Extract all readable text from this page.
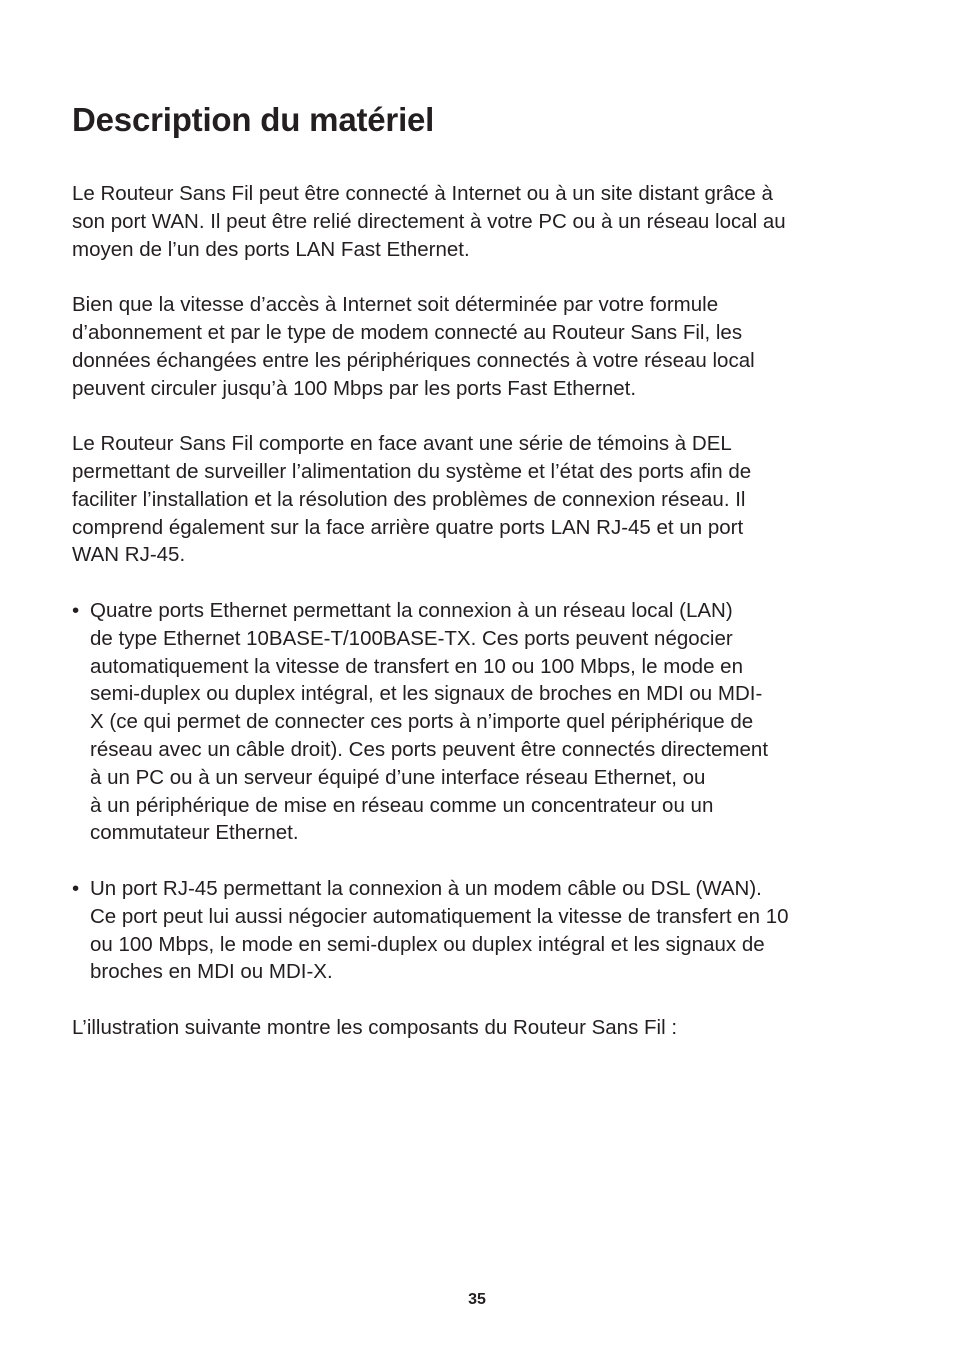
Description du matériel
Le Routeur Sans Fil peut être connecté à Internet ou à un site distant grâce à
son port WAN. Il peut être relié directement à votre PC ou à un réseau local au
moyen de l’un des ports LAN Fast Ethernet.
Bien que la vitesse d’accès à Internet soit déterminée par votre formule
d’abonnement et par le type de modem connecté au Routeur Sans Fil, les
données échangées entre les périphériques connectés à votre réseau local
peuvent circuler jusqu’à 100 Mbps par les ports Fast Ethernet.
Le Routeur Sans Fil comporte en face avant une série de témoins à DEL
permettant de surveiller l’alimentation du système et l’état des ports afin de
faciliter l’installation et la résolution des problèmes de connexion réseau. Il
comprend également sur la face arrière quatre ports LAN RJ-45 et un port
WAN RJ-45.
• Quatre ports Ethernet permettant la connexion à un réseau local (LAN)
de type Ethernet 10BASE-T/100BASE-TX. Ces ports peuvent négocier
automatiquement la vitesse de transfert en 10 ou 100 Mbps, le mode en
semi-duplex ou duplex intégral, et les signaux de broches en MDI ou MDI-
X (ce qui permet de connecter ces ports à n’importe quel périphérique de
réseau avec un câble droit). Ces ports peuvent être connectés directement
à un PC ou à un serveur équipé d’une interface réseau Ethernet, ou
à un périphérique de mise en réseau comme un concentrateur ou un
commutateur Ethernet.
• Un port RJ-45 permettant la connexion à un modem câble ou DSL (WAN).
Ce port peut lui aussi négocier automatiquement la vitesse de transfert en 10
ou 100 Mbps, le mode en semi-duplex ou duplex intégral et les signaux de
broches en MDI ou MDI-X.
L’illustration suivante montre les composants du Routeur Sans Fil :
35
